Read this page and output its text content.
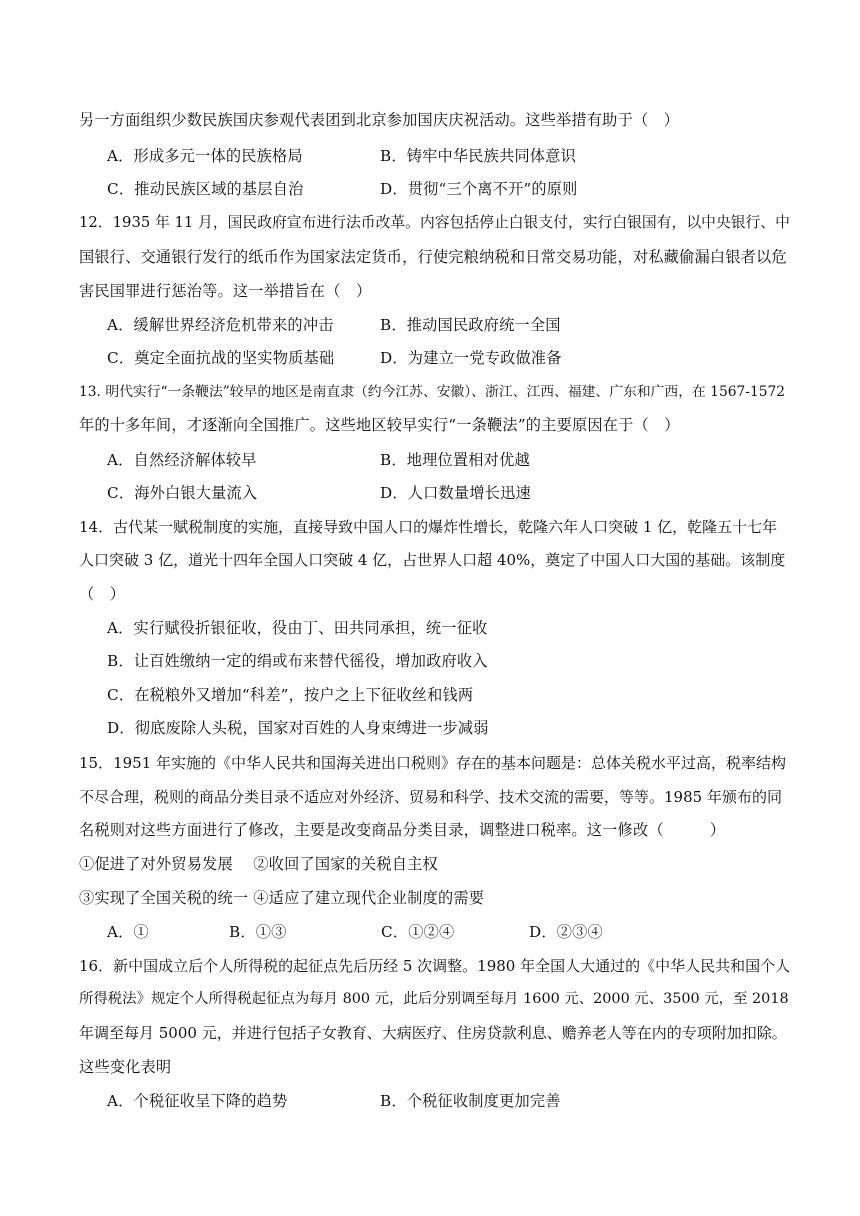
另一方面组织少数民族国庆参观代表团到北京参加国庆庆祝活动。这些举措有助于（　）
A．形成多元一体的民族格局	B．铸牢中华民族共同体意识
C．推动民族区域的基层自治	D．贯彻“三个离不开”的原则
12．1935 年 11 月，国民政府宣布进行法币改革。内容包括停止白银支付，实行白银国有，以中央银行、中
国银行、交通银行发行的纸币作为国家法定货币，行使完粮纳税和日常交易功能，对私藏偷漏白银者以危
害民国罪进行惩治等。这一举措旨在（　）
A．缓解世界经济危机带来的冲击	B．推动国民政府统一全国
C．奠定全面抗战的坚实物质基础	D．为建立一党专政做准备
13. 明代实行“一条鞭法”较早的地区是南直隶（约今江苏、安徽）、浙江、江西、福建、广东和广西，在 1567-1572
年的十多年间，才逐渐向全国推广。这些地区较早实行“一条鞭法”的主要原因在于（　）
A．自然经济解体较早	B．地理位置相对优越
C．海外白银大量流入	D．人口数量增长迅速
14．古代某一赋税制度的实施，直接导致中国人口的爆炸性增长，乾隆六年人口突破 1 亿，乾隆五十七年
人口突破 3 亿，道光十四年全国人口突破 4 亿，占世界人口超 40%，奠定了中国人口大国的基础。该制度
（　）
A．实行赋役折银征收，役由丁、田共同承担，统一征收
B．让百姓缴纳一定的绢或布来替代徭役，增加政府收入
C．在税粮外又增加“科差”，按户之上下征收丝和钱两
D．彻底废除人头税，国家对百姓的人身束缚进一步减弱
15．1951 年实施的《中华人民共和国海关进出口税则》存在的基本问题是：总体关税水平过高，税率结构
不尽合理，税则的商品分类目录不适应对外经济、贸易和科学、技术交流的需要，等等。1985 年颁布的同
名税则对这些方面进行了修改，主要是改变商品分类目录，调整进口税率。这一修改（　　　）
①促进了对外贸易发展　 ②收回了国家的关税自主权
③实现了全国关税的统一 ④适应了建立现代企业制度的需要
A．①	B．①③	C．①②④	D．②③④
16．新中国成立后个人所得税的起征点先后历经 5 次调整。1980 年全国人大通过的《中华人民共和国个人
所得税法》规定个人所得税起征点为每月 800 元，此后分别调至每月 1600 元、2000 元、3500 元，至 2018
年调至每月 5000 元，并进行包括子女教育、大病医疗、住房贷款利息、赡养老人等在内的专项附加扣除。
这些变化表明
A．个税征收呈下降的趋势	B．个税征收制度更加完善
